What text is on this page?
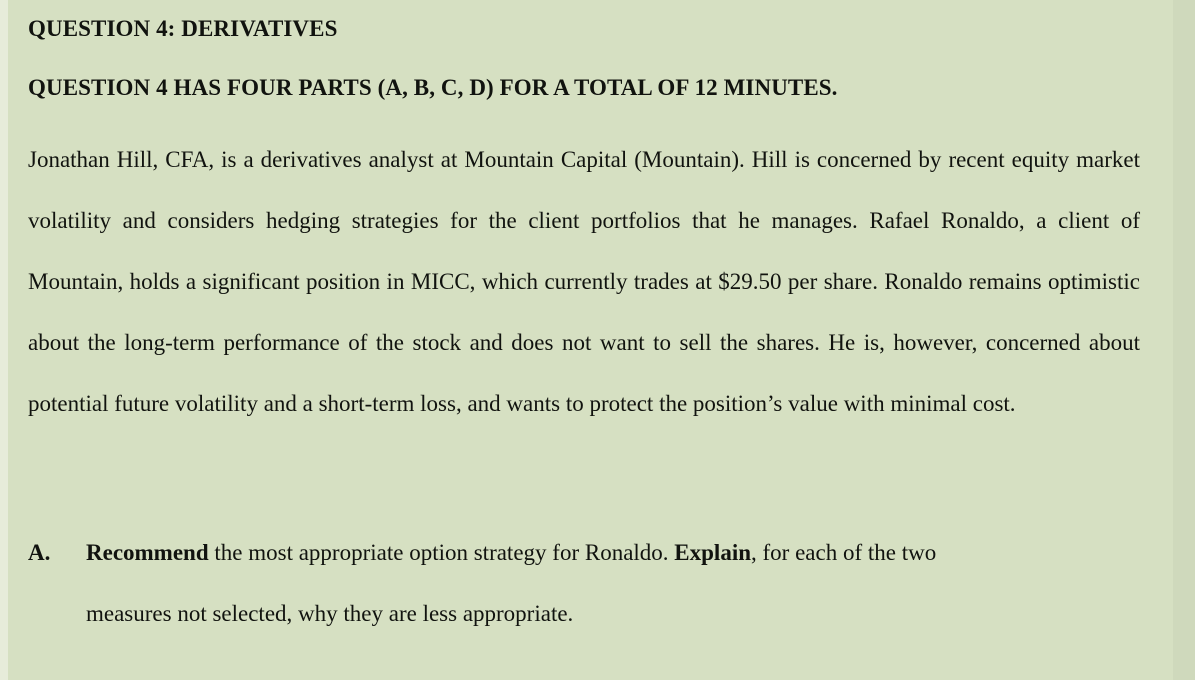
QUESTION 4: DERIVATIVES
QUESTION 4 HAS FOUR PARTS (A, B, C, D) FOR A TOTAL OF 12 MINUTES.

Jonathan Hill, CFA, is a derivatives analyst at Mountain Capital (Mountain). Hill is concerned by recent equity market volatility and considers hedging strategies for the client portfolios that he manages. Rafael Ronaldo, a client of Mountain, holds a significant position in MICC, which currently trades at $29.50 per share. Ronaldo remains optimistic about the long-term performance of the stock and does not want to sell the shares. He is, however, concerned about potential future volatility and a short-term loss, and wants to protect the position’s value with minimal cost.

A.	Recommend the most appropriate option strategy for Ronaldo. Explain, for each of the two
measures not selected, why they are less appropriate.
